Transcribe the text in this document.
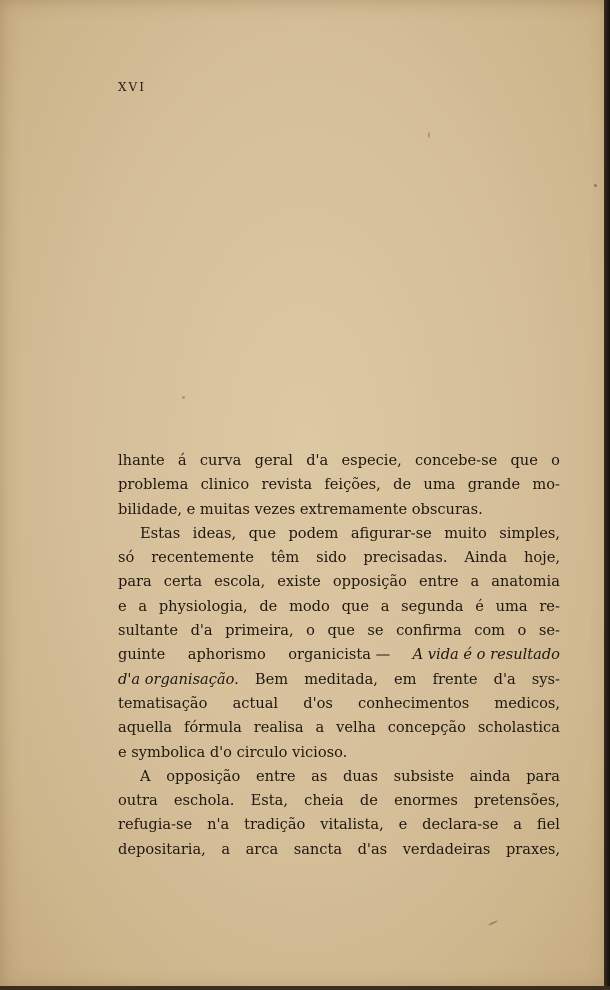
XVI
lhante á curva geral d'a especie, concebe-se que o
problema clinico revista feições, de uma grande mo-
bilidade, e muitas vezes extremamente obscuras.
Estas ideas, que podem afigurar-se muito simples,
só recentemente têm sido precisadas. Ainda hoje,
para certa escola, existe opposição entre a anatomia
e a physiologia, de modo que a segunda é uma re-
sultante d'a primeira, o que se confirma com o se-
guinte aphorismo organicista — A vida é o resultado
d'a organisação. Bem meditada, em frente d'a sys-
tematisação actual d'os conhecimentos medicos,
aquella fórmula realisa a velha concepção scholastica
e symbolica d'o circulo vicioso.
A opposição entre as duas subsiste ainda para
outra eschola. Esta, cheia de enormes pretensões,
refugia-se n'a tradição vitalista, e declara-se a fiel
depositaria, a arca sancta d'as verdadeiras praxes,
